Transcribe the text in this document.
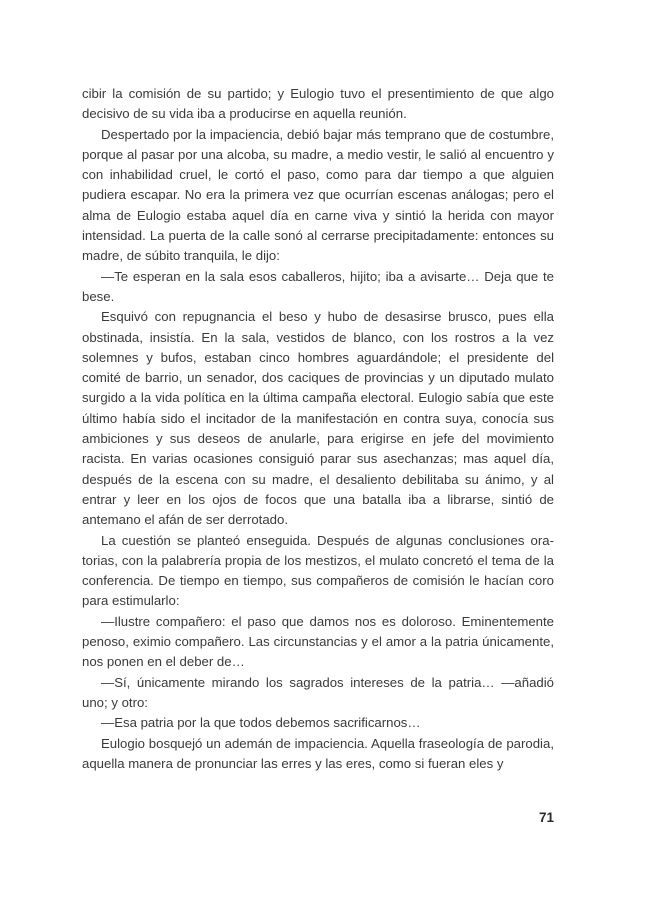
cibir la comisión de su partido; y Eulogio tuvo el presentimiento de que algo decisivo de su vida iba a producirse en aquella reunión.

Despertado por la impaciencia, debió bajar más temprano que de costumbre, porque al pasar por una alcoba, su madre, a medio vestir, le salió al encuentro y con inhabilidad cruel, le cortó el paso, como para dar tiempo a que alguien pudiera escapar. No era la primera vez que ocurrían escenas análogas; pero el alma de Eulogio estaba aquel día en carne viva y sintió la herida con mayor intensidad. La puerta de la calle sonó al cerrarse precipitadamente: entonces su madre, de súbito tranquila, le dijo:

—Te esperan en la sala esos caballeros, hijito; iba a avisarte… Deja que te bese.

Esquivó con repugnancia el beso y hubo de desasirse brusco, pues ella obstinada, insistía. En la sala, vestidos de blanco, con los rostros a la vez solemnes y bufos, estaban cinco hombres aguardándole; el presidente del comité de barrio, un senador, dos caciques de provincias y un diputado mulato surgido a la vida política en la última campaña electoral. Eulogio sabía que este último había sido el incitador de la manifestación en contra suya, conocía sus ambiciones y sus deseos de anularle, para erigirse en jefe del movimiento racista. En varias ocasiones consiguió parar sus asechanzas; mas aquel día, después de la escena con su madre, el desaliento debilitaba su ánimo, y al entrar y leer en los ojos de focos que una batalla iba a librarse, sintió de antemano el afán de ser derrotado.

La cuestión se planteó enseguida. Después de algunas conclusiones oratorias, con la palabrería propia de los mestizos, el mulato concretó el tema de la conferencia. De tiempo en tiempo, sus compañeros de comisión le hacían coro para estimularlo:

—Ilustre compañero: el paso que damos nos es doloroso. Eminentemente penoso, eximio compañero. Las circunstancias y el amor a la patria únicamente, nos ponen en el deber de…

—Sí, únicamente mirando los sagrados intereses de la patria… —añadió uno; y otro:

—Esa patria por la que todos debemos sacrificarnos…

Eulogio bosquejó un ademán de impaciencia. Aquella fraseología de parodia, aquella manera de pronunciar las erres y las eres, como si fueran eles y

71
